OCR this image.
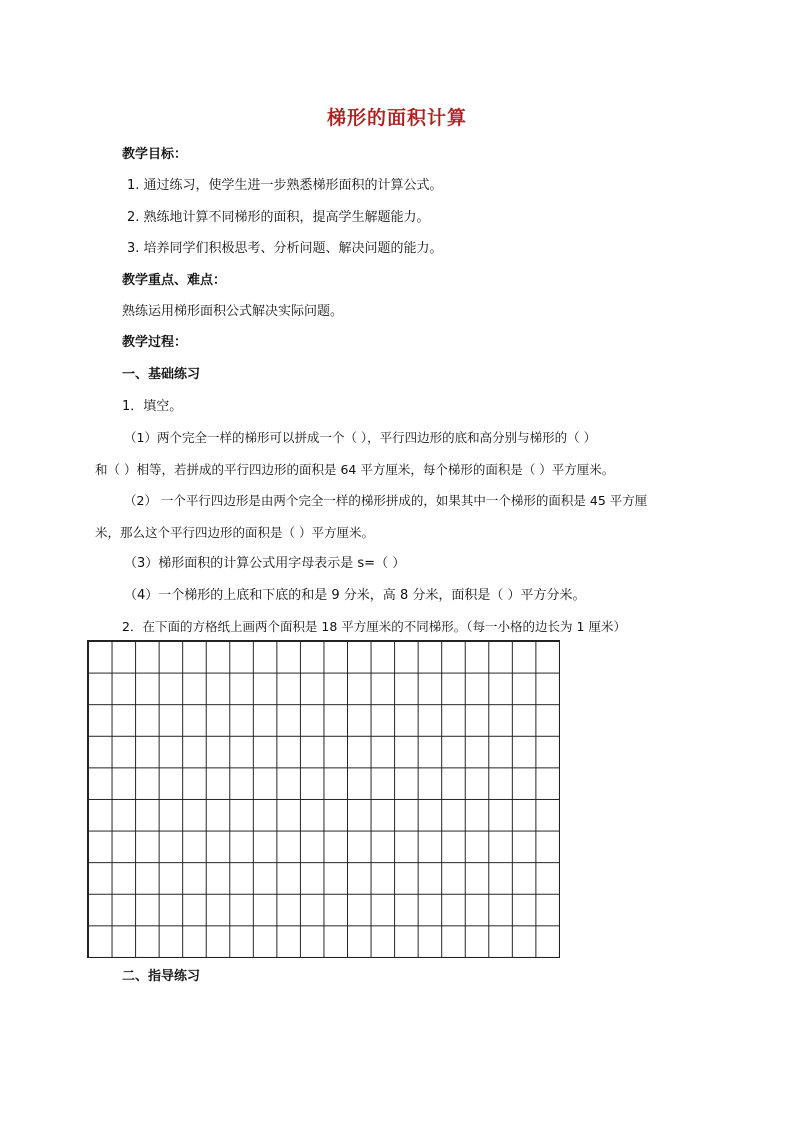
梯形的面积计算
教学目标：
1. 通过练习，使学生进一步熟悉梯形面积的计算公式。
2. 熟练地计算不同梯形的面积，提高学生解题能力。
3. 培养同学们积极思考、分析问题、解决问题的能力。
教学重点、难点：
熟练运用梯形面积公式解决实际问题。
教学过程：
一、基础练习
1．填空。
（1）两个完全一样的梯形可以拼成一个（ ），平行四边形的底和高分别与梯形的（ ）
和（ ）相等，若拼成的平行四边形的面积是 64 平方厘米，每个梯形的面积是（ ）平方厘米。
（2） 一个平行四边形是由两个完全一样的梯形拼成的，如果其中一个梯形的面积是 45 平方厘
米，那么这个平行四边形的面积是（ ）平方厘米。
（3）梯形面积的计算公式用字母表示是 s=（ ）
（4）一个梯形的上底和下底的和是 9 分米，高 8 分米，面积是（ ）平方分米。
2．在下面的方格纸上画两个面积是 18 平方厘米的不同梯形。（每一小格的边长为 1 厘米）
二、指导练习
